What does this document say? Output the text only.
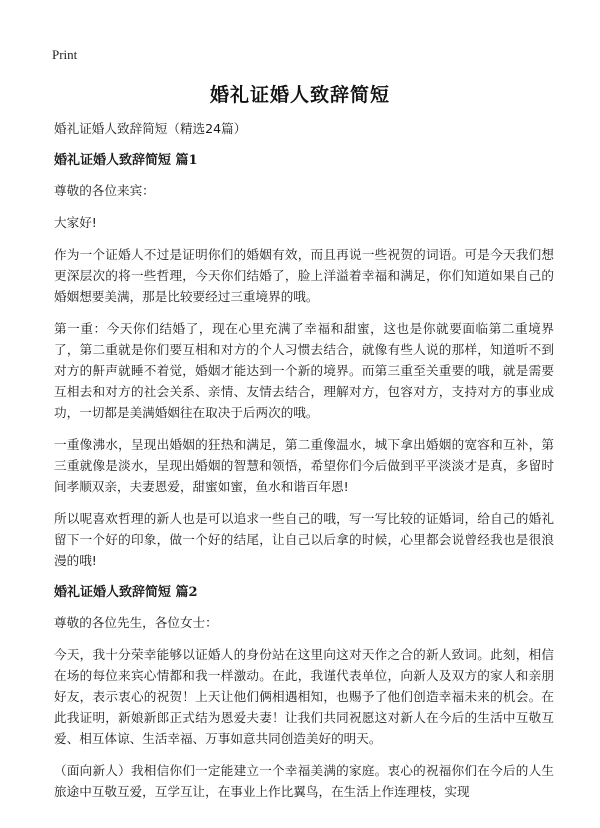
Print
婚礼证婚人致辞简短

婚礼证婚人致辞简短（精选24篇）

婚礼证婚人致辞简短 篇1

尊敬的各位来宾：

大家好!

作为一个证婚人不过是证明你们的婚姻有效，而且再说一些祝贺的词语。可是今天我们想更深层次的将一些哲理，今天你们结婚了，脸上洋溢着幸福和满足，你们知道如果自己的婚姻想要美满，那是比较要经过三重境界的哦。

第一重：今天你们结婚了，现在心里充满了幸福和甜蜜，这也是你就要面临第二重境界了，第二重就是你们要互相和对方的个人习惯去结合，就像有些人说的那样，知道听不到对方的鼾声就睡不着觉，婚姻才能达到一个新的境界。而第三重至关重要的哦，就是需要互相去和对方的社会关系、亲情、友情去结合，理解对方，包容对方，支持对方的事业成功，一切都是美满婚姻往在取决于后两次的哦。

一重像沸水，呈现出婚姻的狂热和满足，第二重像温水，城下拿出婚姻的宽容和互补，第三重就像是淡水，呈现出婚姻的智慧和领悟，希望你们今后做到平平淡淡才是真，多留时间孝顺双亲，夫妻恩爱，甜蜜如蜜，鱼水和谐百年恩!

所以呢喜欢哲理的新人也是可以追求一些自己的哦，写一写比较的证婚词，给自己的婚礼留下一个好的印象，做一个好的结尾，让自己以后拿的时候，心里都会说曾经我也是很浪漫的哦!

婚礼证婚人致辞简短 篇2

尊敬的各位先生，各位女士：

今天，我十分荣幸能够以证婚人的身份站在这里向这对天作之合的新人致词。此刻，相信在场的每位来宾心情都和我一样激动。在此，我谨代表单位，向新人及双方的家人和亲朋好友，表示衷心的祝贺！上天让他们俩相遇相知，也赐予了他们创造幸福未来的机会。在此我证明，新娘新郎正式结为恩爱夫妻！让我们共同祝愿这对新人在今后的生活中互敬互爱、相互体谅、生活幸福、万事如意共同创造美好的明天。

（面向新人）我相信你们一定能建立一个幸福美满的家庭。衷心的祝福你们在今后的人生旅途中互敬互爱，互学互让，在事业上作比翼鸟，在生活上作连理枝，实现
